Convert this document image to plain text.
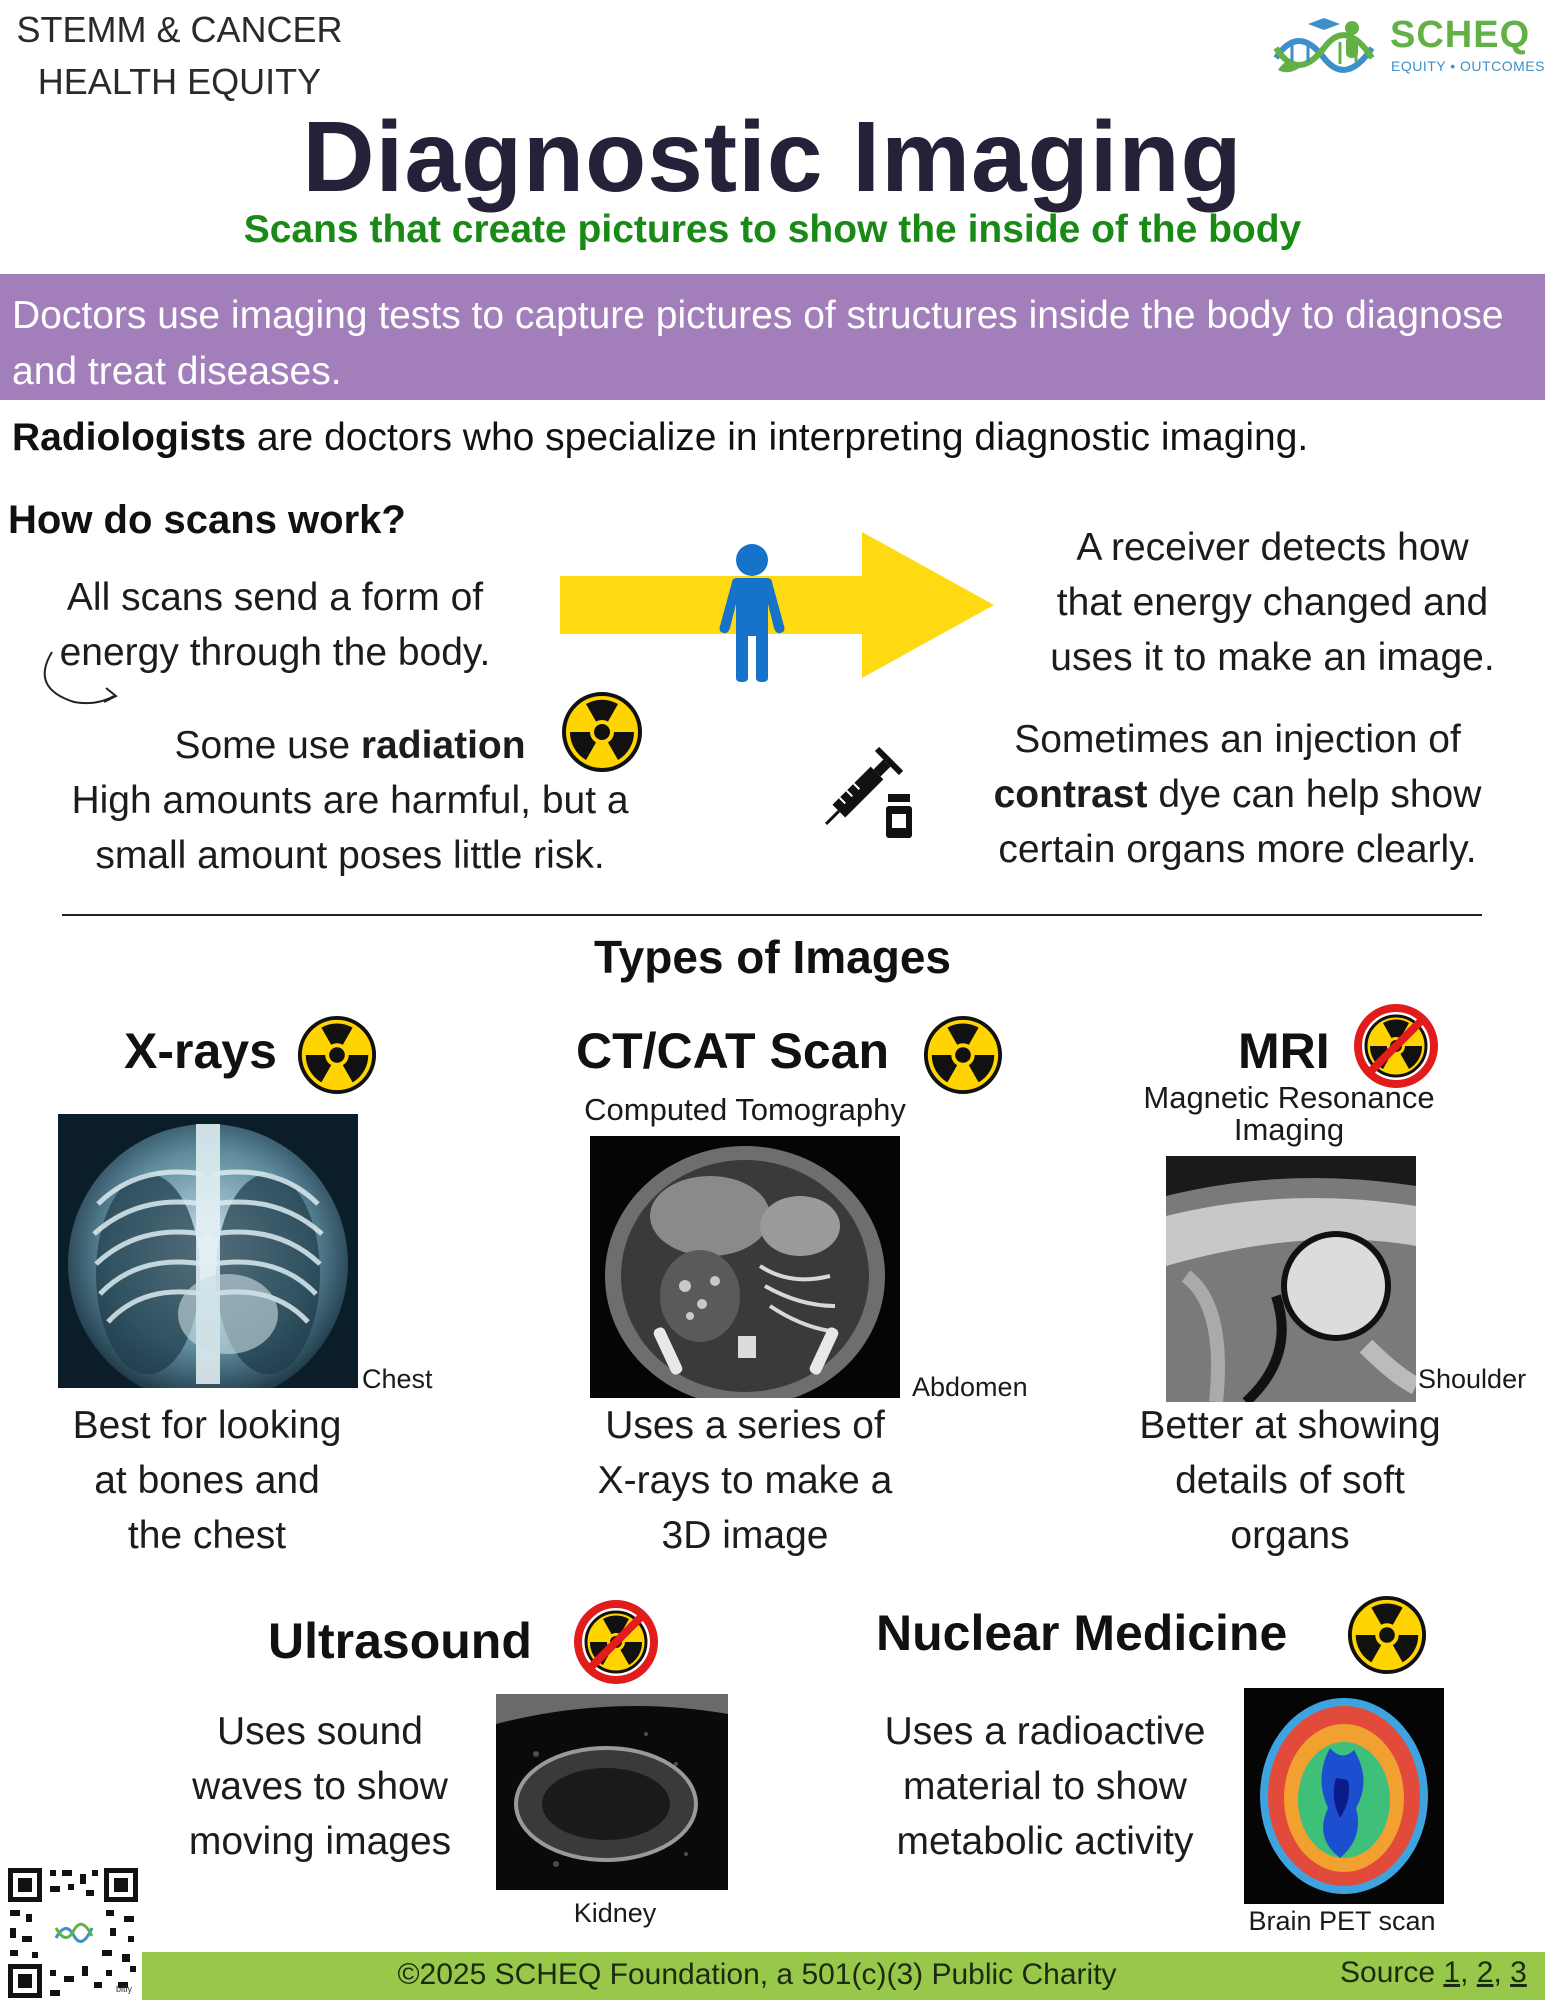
STEMM & CANCER
HEALTH EQUITY
SCHEQ
EQUITY • OUTCOMES
Diagnostic Imaging
Scans that create pictures to show the inside of the body
Doctors use imaging tests to capture pictures of structures inside the body to diagnose and treat diseases.
Radiologists are doctors who specialize in interpreting diagnostic imaging.
How do scans work?
All scans send a form of
energy through the body.
A receiver detects how
that energy changed and
uses it to make an image.
Some use radiation
High amounts are harmful, but a
small amount poses little risk.
Sometimes an injection of
contrast dye can help show
certain organs more clearly.
Types of Images
X-rays
Chest
Best for looking
at bones and
the chest
CT/CAT Scan
Computed Tomography
Abdomen
Uses a series of
X-rays to make a
3D image
MRI
Magnetic Resonance
Imaging
Shoulder
Better at showing
details of soft
organs
Ultrasound
Uses sound
waves to show
moving images
Kidney
Nuclear Medicine
Uses a radioactive
material to show
metabolic activity
Brain PET scan
bitly	©2025 SCHEQ Foundation, a 501(c)(3) Public Charity	Source 1, 2, 3
